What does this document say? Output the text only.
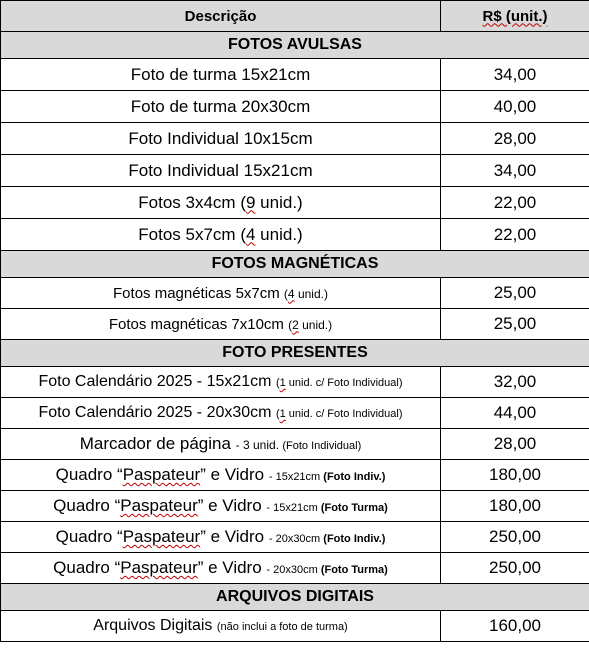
Descrição	R$ (unit.)
FOTOS AVULSAS	
Foto de turma 15x21cm	34,00
Foto de turma 20x30cm	40,00
Foto Individual 10x15cm	28,00
Foto Individual 15x21cm	34,00
Fotos 3x4cm (9 unid.)	22,00
Fotos 5x7cm (4 unid.)	22,00
FOTOS MAGNÉTICAS	
Fotos magnéticas 5x7cm (4 unid.)	25,00
Fotos magnéticas 7x10cm (2 unid.)	25,00
FOTO PRESENTES	
Foto Calendário 2025 - 15x21cm (1 unid. c/ Foto Individual)	32,00
Foto Calendário 2025 - 20x30cm (1 unid. c/ Foto Individual)	44,00
Marcador de página - 3 unid. (Foto Individual)	28,00
Quadro “Paspateur” e Vidro - 15x21cm (Foto Indiv.)	180,00
Quadro “Paspateur” e Vidro - 15x21cm (Foto Turma)	180,00
Quadro “Paspateur” e Vidro - 20x30cm (Foto Indiv.)	250,00
Quadro “Paspateur” e Vidro - 20x30cm (Foto Turma)	250,00
ARQUIVOS DIGITAIS	
Arquivos Digitais (não inclui a foto de turma)	160,00
